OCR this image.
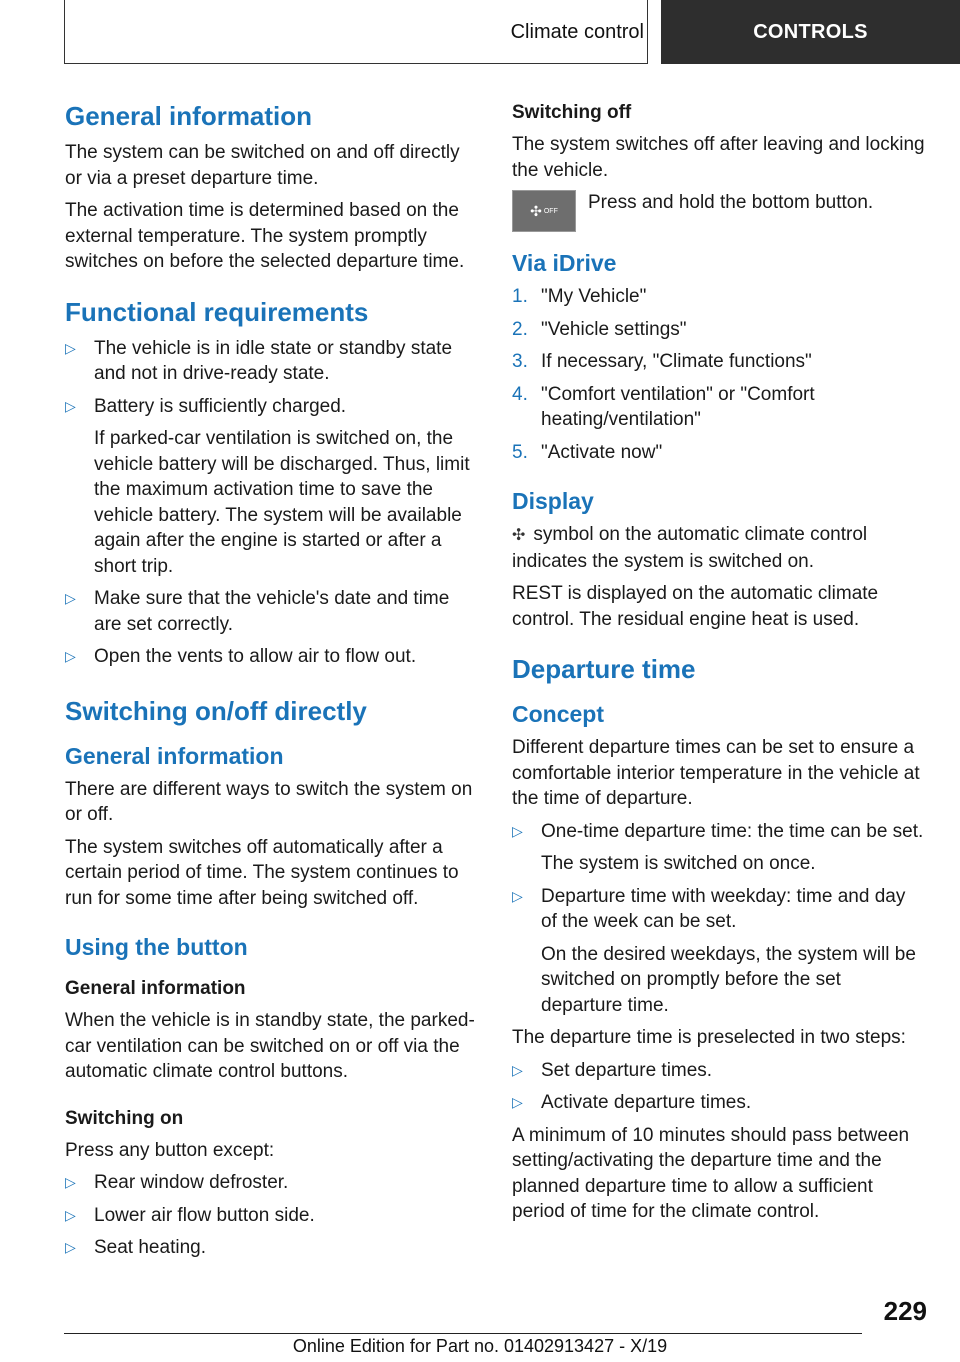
Climate control	CONTROLS
General information

The system can be switched on and off directly or via a preset departure time.

The activation time is determined based on the external temperature. The system promptly switches on before the selected departure time.

Functional requirements
▷ The vehicle is in idle state or standby state and not in drive-ready state.
▷ Battery is sufficiently charged.
If parked-car ventilation is switched on, the vehicle battery will be discharged. Thus, limit the maximum activation time to save the vehicle battery. The system will be available again after the engine is started or after a short trip.
▷ Make sure that the vehicle's date and time are set correctly.
▷ Open the vents to allow air to flow out.
Switching on/off directly
General information

There are different ways to switch the system on or off.

The system switches off automatically after a certain period of time. The system continues to run for some time after being switched off.

Using the button
General information

When the vehicle is in standby state, the parked-car ventilation can be switched on or off via the automatic climate control buttons.

Switching on

Press any button except:

▷ Rear window defroster.
▷ Lower air flow button side.
▷ Seat heating.
Switching off

The system switches off after leaving and locking the vehicle.

✣ OFF Press and hold the bottom button.

Via iDrive
1. "My Vehicle"
2. "Vehicle settings"
3. If necessary, "Climate functions"
4. "Comfort ventilation" or "Comfort heating/ventilation"
5. "Activate now"
Display

✣ symbol on the automatic climate control indicates the system is switched on.

REST is displayed on the automatic climate control. The residual engine heat is used.

Departure time
Concept

Different departure times can be set to ensure a comfortable interior temperature in the vehicle at the time of departure.

▷ One-time departure time: the time can be set.
The system is switched on once.
▷ Departure time with weekday: time and day of the week can be set.
On the desired weekdays, the system will be switched on promptly before the set departure time.

The departure time is preselected in two steps:

▷ Set departure times.
▷ Activate departure times.

A minimum of 10 minutes should pass between setting/activating the departure time and the planned departure time to allow a sufficient period of time for the climate control.

229
Online Edition for Part no. 01402913427 - X/19
